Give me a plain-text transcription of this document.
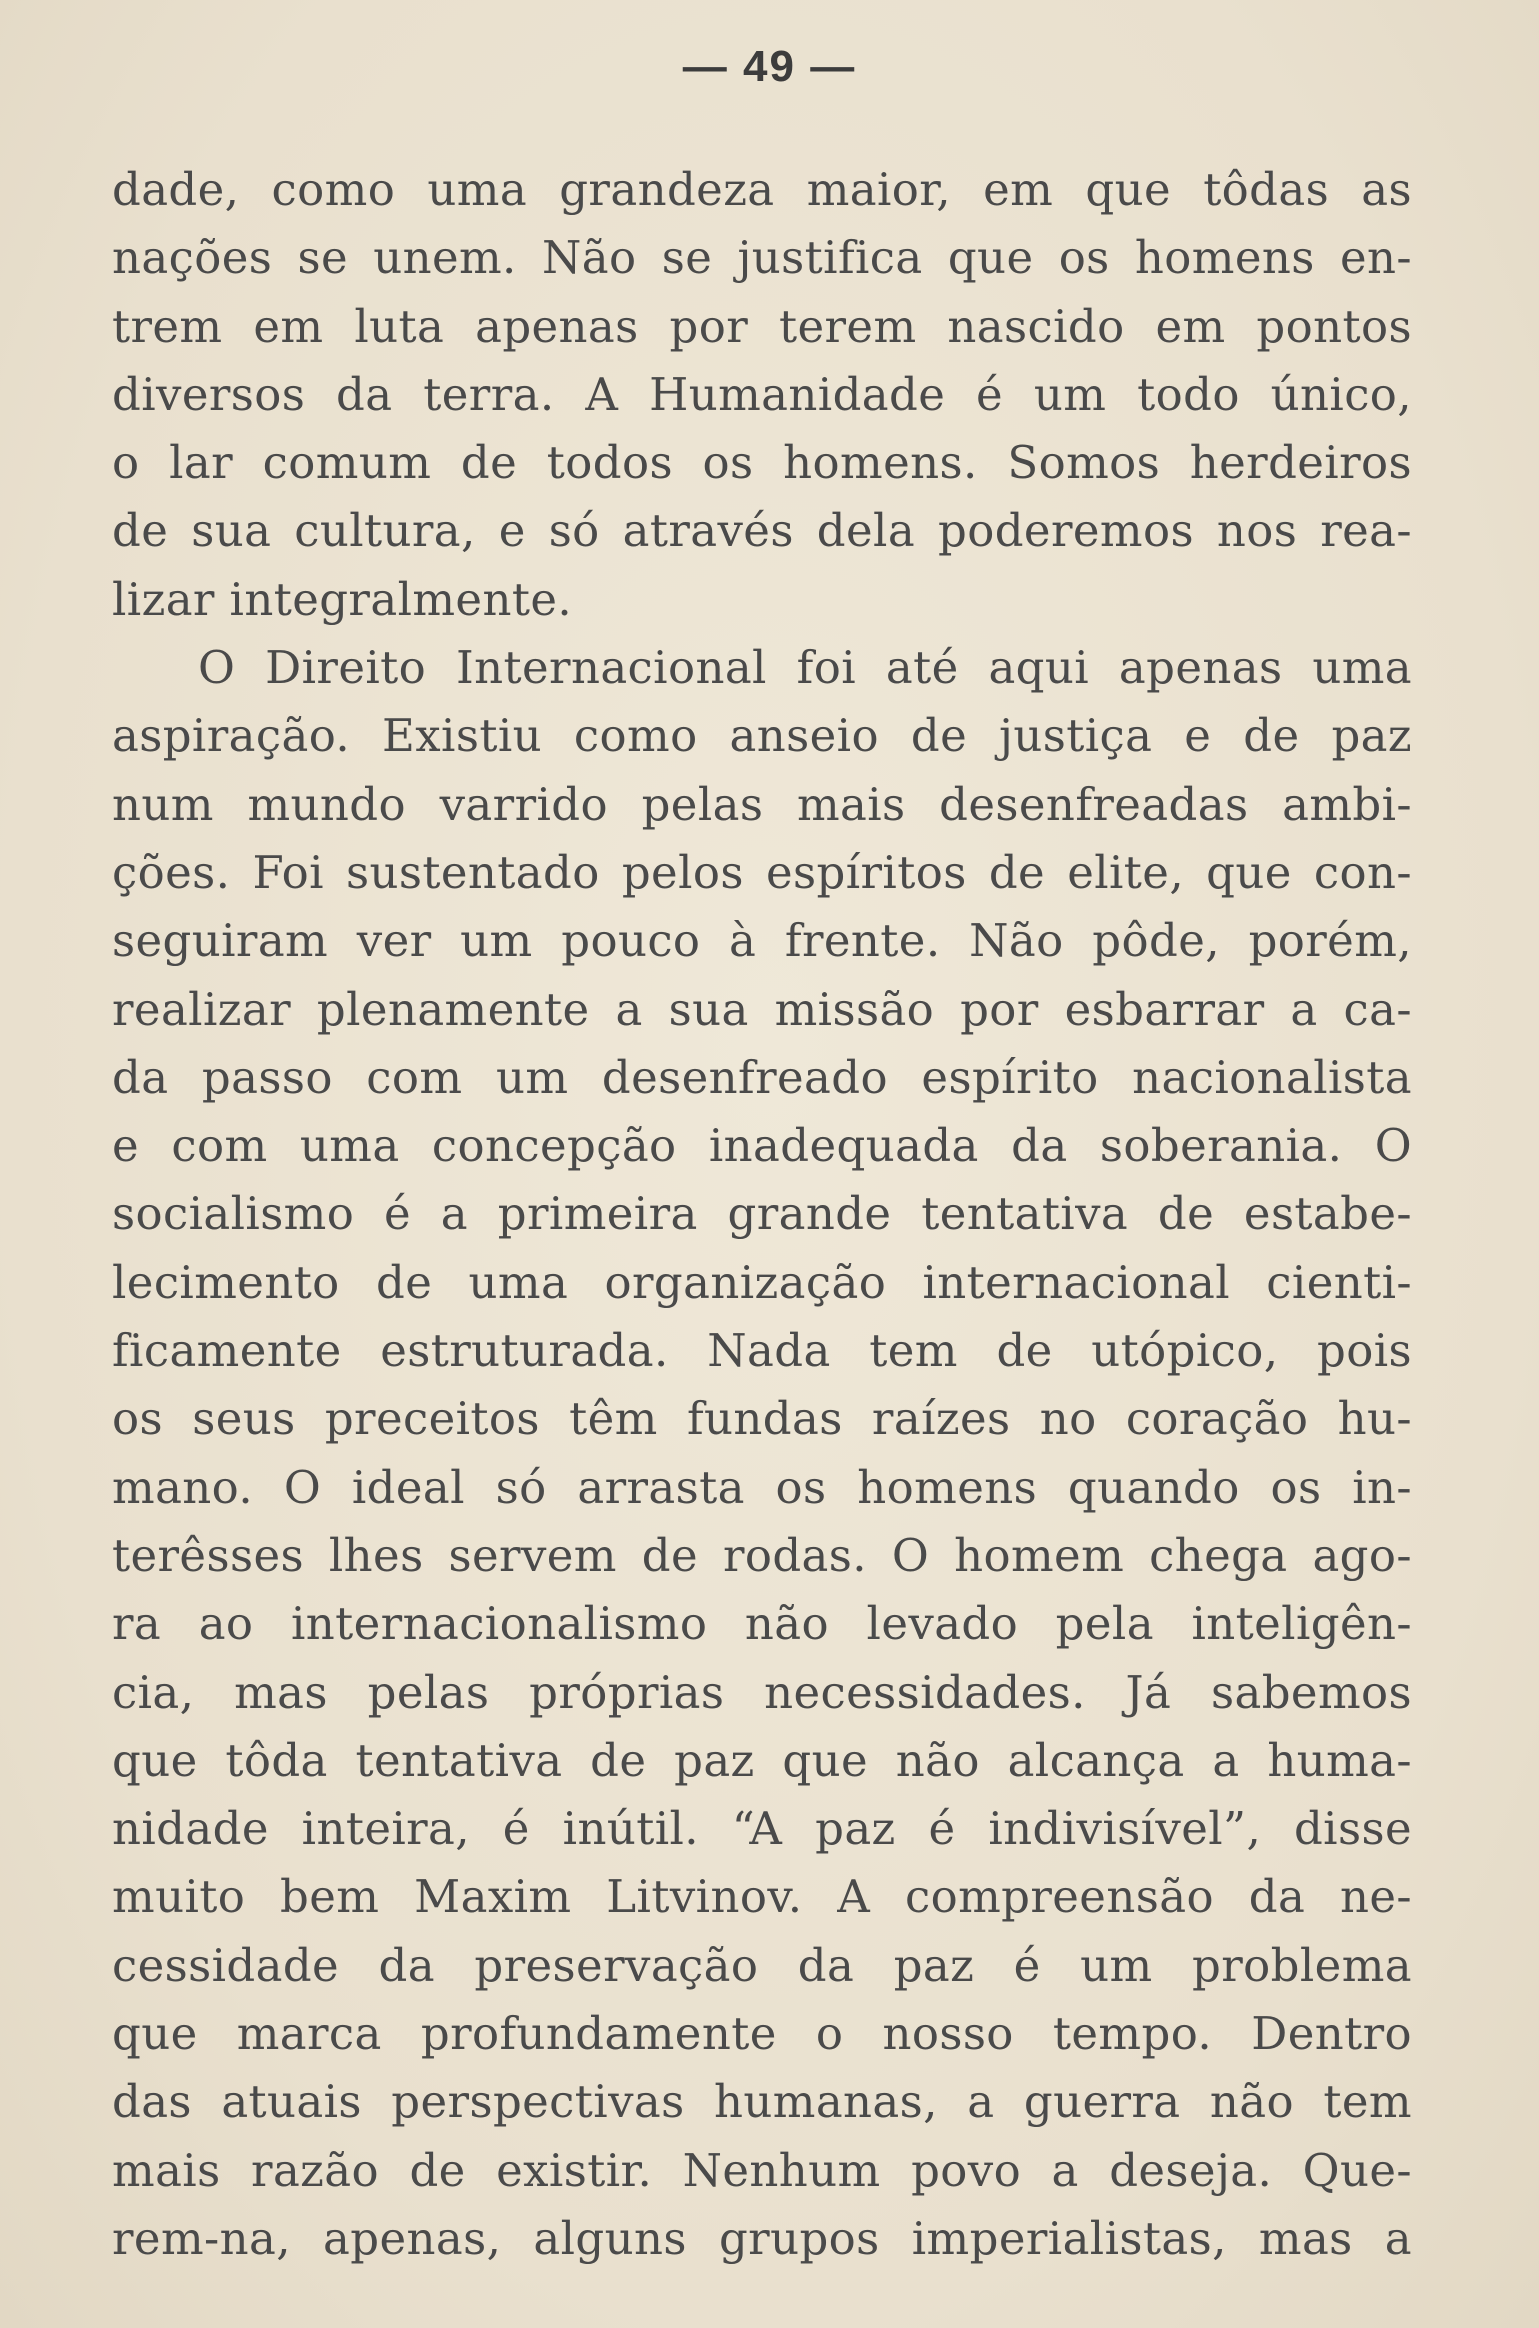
— 49 —
dade, como uma grandeza maior, em que tôdas as
nações se unem. Não se justifica que os homens en-
trem em luta apenas por terem nascido em pontos
diversos da terra. A Humanidade é um todo único,
o lar comum de todos os homens. Somos herdeiros
de sua cultura, e só através dela poderemos nos rea-
lizar integralmente.
O Direito Internacional foi até aqui apenas uma
aspiração. Existiu como anseio de justiça e de paz
num mundo varrido pelas mais desenfreadas ambi-
ções. Foi sustentado pelos espíritos de elite, que con-
seguiram ver um pouco à frente. Não pôde, porém,
realizar plenamente a sua missão por esbarrar a ca-
da passo com um desenfreado espírito nacionalista
e com uma concepção inadequada da soberania. O
socialismo é a primeira grande tentativa de estabe-
lecimento de uma organização internacional cienti-
ficamente estruturada. Nada tem de utópico, pois
os seus preceitos têm fundas raízes no coração hu-
mano. O ideal só arrasta os homens quando os in-
terêsses lhes servem de rodas. O homem chega ago-
ra ao internacionalismo não levado pela inteligên-
cia, mas pelas próprias necessidades. Já sabemos
que tôda tentativa de paz que não alcança a huma-
nidade inteira, é inútil. “A paz é indivisível”, disse
muito bem Maxim Litvinov. A compreensão da ne-
cessidade da preservação da paz é um problema
que marca profundamente o nosso tempo. Dentro
das atuais perspectivas humanas, a guerra não tem
mais razão de existir. Nenhum povo a deseja. Que-
rem-na, apenas, alguns grupos imperialistas, mas a
